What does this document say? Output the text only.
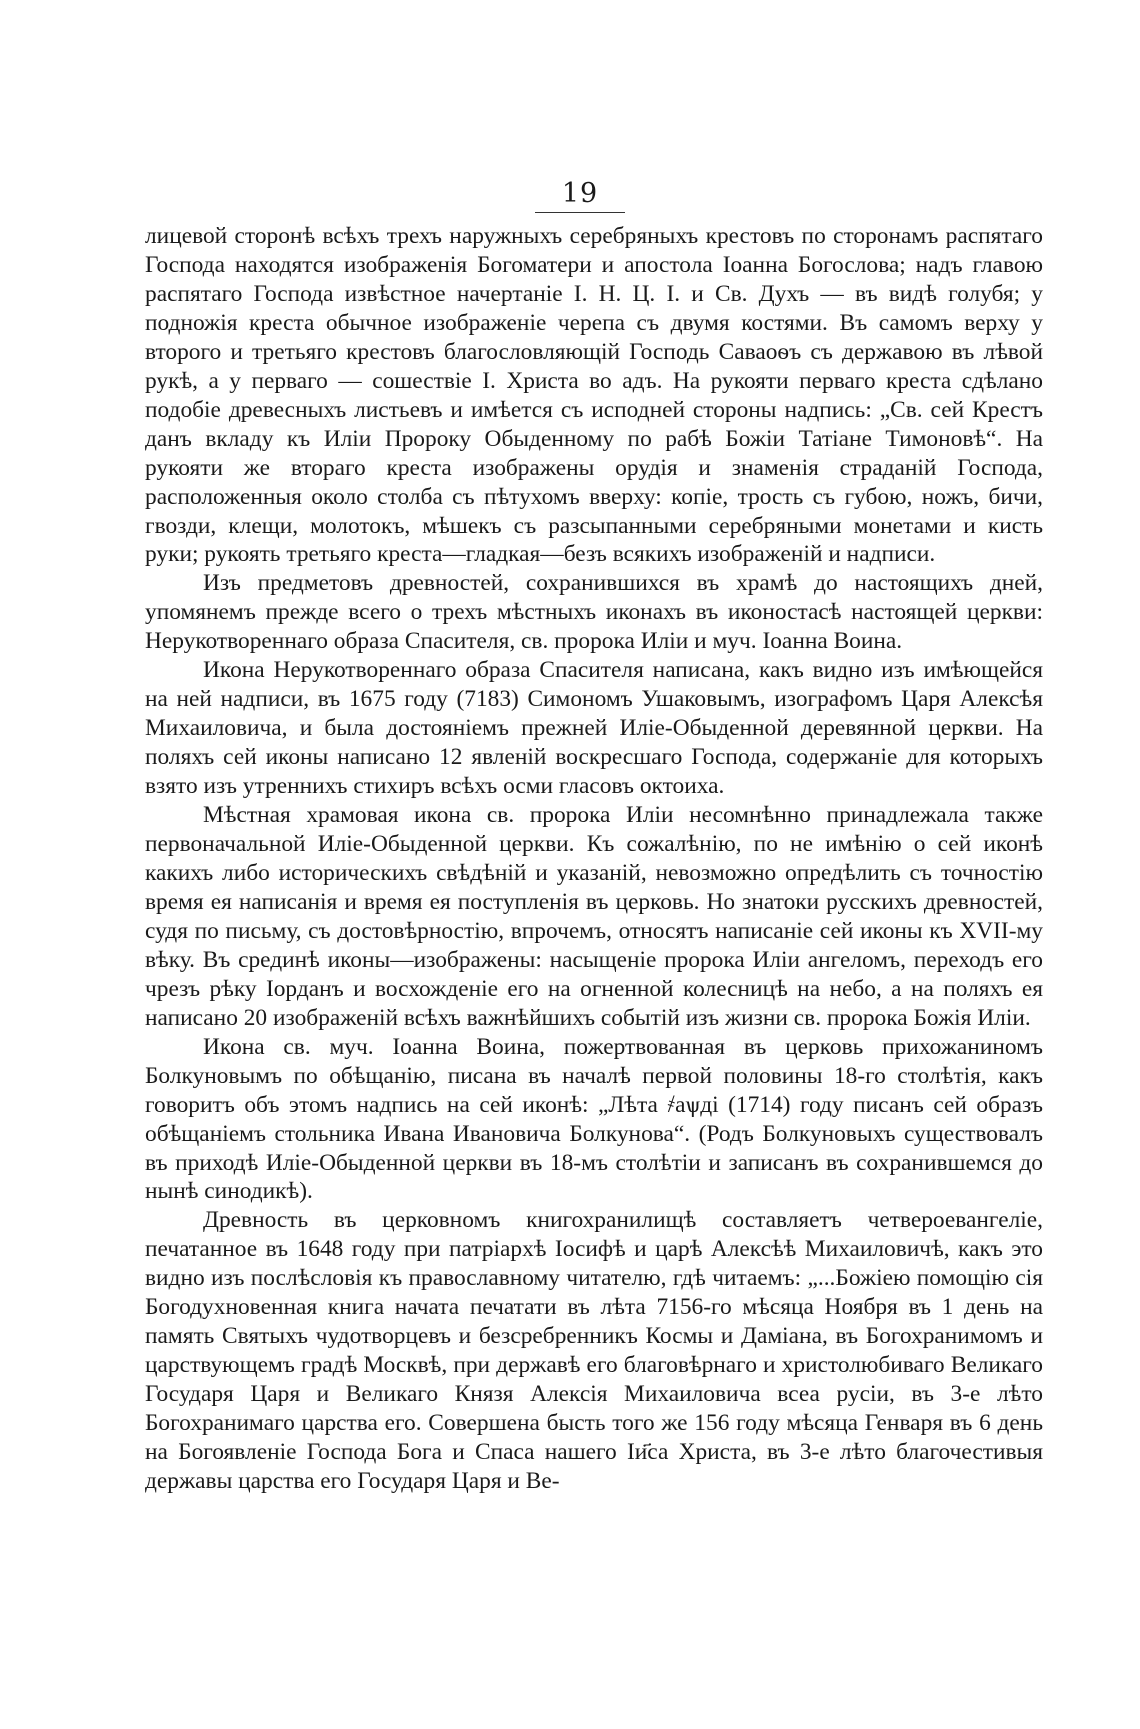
19

лицевой сторонѣ всѣхъ трехъ наружныхъ серебряныхъ крестовъ по сторонамъ распятаго Господа находятся изображенія Богоматери и апостола Іоанна Богослова; надъ главою распятаго Господа извѣстное начертаніе І. Н. Ц. І. и Св. Духъ — въ видѣ голубя; у подножія креста обычное изображеніе черепа съ двумя костями. Въ самомъ верху у второго и третьяго крестовъ благословляющій Господь Саваоѳъ съ державою въ лѣвой рукѣ, а у перваго — сошествіе І. Христа во адъ. На рукояти перваго креста сдѣлано подобіе древесныхъ листьевъ и имѣется съ исподней стороны надпись: „Св. сей Крестъ данъ вкладу къ Иліи Пророку Обыденному по рабѣ Божіи Татіане Тимоновѣ“. На рукояти же втораго креста изображены орудія и знаменія страданій Господа, расположенныя около столба съ пѣтухомъ вверху: копіе, трость съ губою, ножъ, бичи, гвозди, клещи, молотокъ, мѣшекъ съ разсыпанными серебряными монетами и кисть руки; рукоять третьяго креста—гладкая—безъ всякихъ изображеній и надписи.

Изъ предметовъ древностей, сохранившихся въ храмѣ до настоящихъ дней, упомянемъ прежде всего о трехъ мѣстныхъ иконахъ въ иконостасѣ настоящей церкви: Нерукотвореннаго образа Спасителя, св. пророка Иліи и муч. Іоанна Воина.

Икона Нерукотвореннаго образа Спасителя написана, какъ видно изъ имѣющейся на ней надписи, въ 1675 году (7183) Симономъ Ушаковымъ, изографомъ Царя Алексѣя Михаиловича, и была достояніемъ прежней Иліе-Обыденной деревянной церкви. На поляхъ сей иконы написано 12 явленій воскресшаго Господа, содержаніе для которыхъ взято изъ утреннихъ стихиръ всѣхъ осми гласовъ октоиха.

Мѣстная храмовая икона св. пророка Иліи несомнѣнно принадлежала также первоначальной Иліе-Обыденной церкви. Къ сожалѣнію, по не имѣнію о сей иконѣ какихъ либо историческихъ свѣдѣній и указаній, невозможно опредѣлить съ точностію время ея написанія и время ея поступленія въ церковь. Но знатоки русскихъ древностей, судя по письму, съ достовѣрностію, впрочемъ, относятъ написаніе сей иконы къ XVII-му вѣку. Въ срединѣ иконы—изображены: насыщеніе пророка Иліи ангеломъ, переходъ его чрезъ рѣку Іорданъ и восхожденіе его на огненной колесницѣ на небо, а на поляхъ ея написано 20 изображеній всѣхъ важнѣйшихъ событій изъ жизни св. пророка Божія Иліи.

Икона св. муч. Іоанна Воина, пожертвованная въ церковь прихожаниномъ Болкуновымъ по обѣщанію, писана въ началѣ первой половины 18-го столѣтія, какъ говоритъ объ этомъ надпись на сей иконѣ: „Лѣта ҂аѱді (1714) году писанъ сей образъ обѣщаніемъ стольника Ивана Ивановича Болкунова“. (Родъ Болкуновыхъ существовалъ въ приходѣ Иліе-Обыденной церкви въ 18-мъ столѣтіи и записанъ въ сохранившемся до нынѣ синодикѣ).

Древность въ церковномъ книгохранилищѣ составляетъ четвероевангеліе, печатанное въ 1648 году при патріархѣ Іосифѣ и царѣ Алексѣѣ Михаиловичѣ, какъ это видно изъ послѣсловія къ православному читателю, гдѣ читаемъ: „...Божіею помощію сія Богодухновенная книга начата печатати въ лѣта 7156-го мѣсяца Ноября въ 1 день на память Святыхъ чудотворцевъ и безсребренникъ Космы и Даміана, въ Богохранимомъ и царствующемъ градѣ Москвѣ, при державѣ его благовѣрнаго и христолюбиваго Великаго Государя Царя и Великаго Князя Алексія Михаиловича всеа русіи, въ 3-е лѣто Богохранимаго царства его. Совершена бысть того же 156 году мѣсяца Генваря въ 6 день на Богоявленіе Господа Бога и Спаса нашего Іи҃са Христа, въ 3-е лѣто благочестивыя державы царства его Государя Царя и Ве-
